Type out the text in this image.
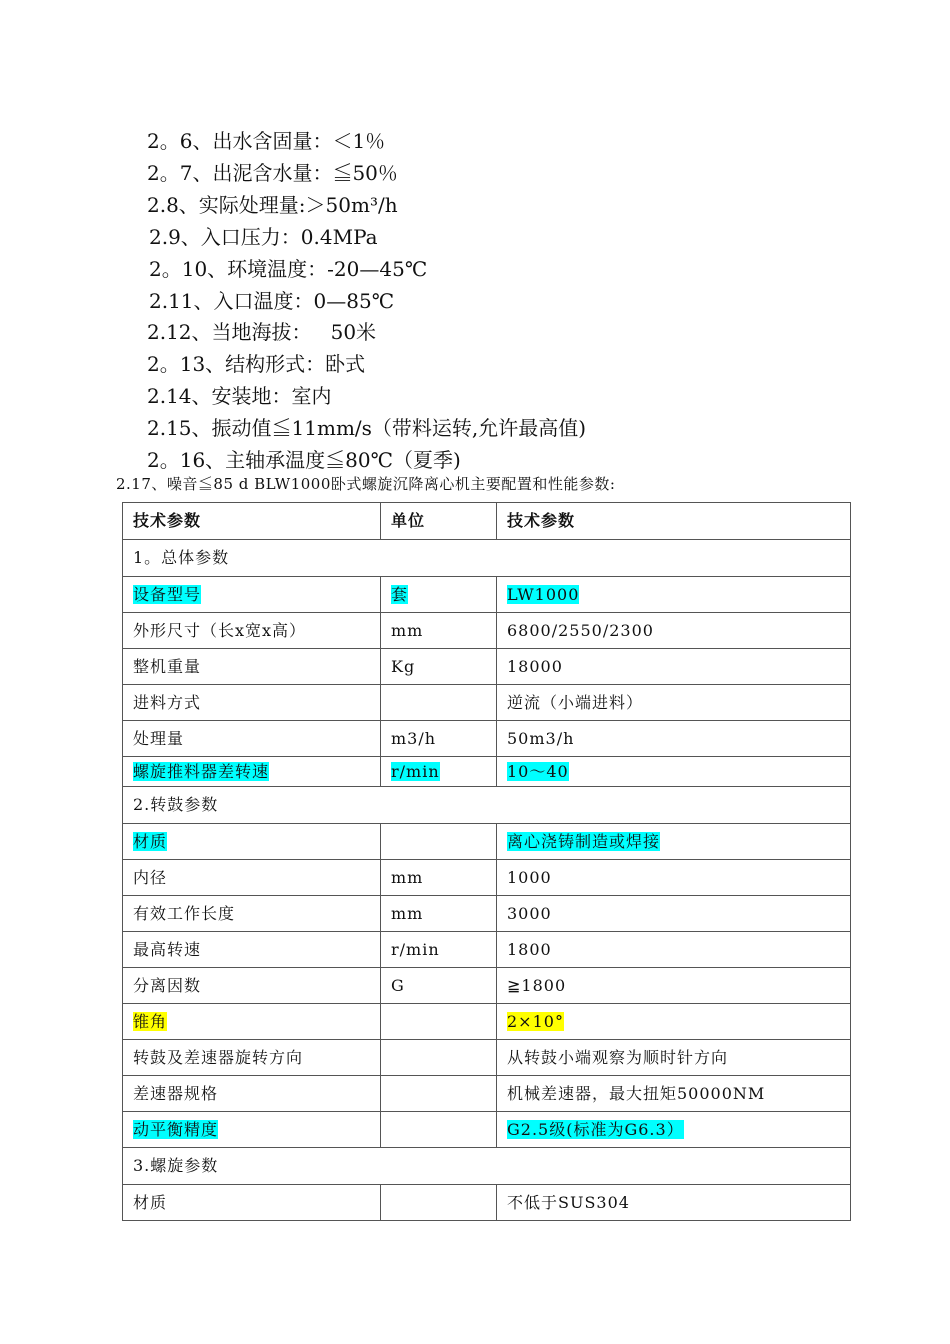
2。6、出水含固量：＜1％
2。7、出泥含水量：≦50％
2.8、实际处理量:＞50m³/h
2.9、入口压力：0.4MPa
2。10、环境温度：-20—45℃
2.11、入口温度：0—85℃
2.12、当地海拔：   50米
2。13、结构形式：卧式
2.14、安装地：室内
2.15、振动值≦11mm/s（带料运转,允许最高值)
2。16、主轴承温度≦80℃（夏季)
2.17、噪音≦85 d BLW1000卧式螺旋沉降离心机主要配置和性能参数:
技术参数	单位	技术参数
1。总体参数		
设备型号	套	LW1000
外形尺寸（长x宽x高）	mm	6800/2550/2300
整机重量	Kg	18000
进料方式		逆流（小端进料）
处理量	m3/h	50m3/h
螺旋推料器差转速	r/min	10～40
2.转鼓参数		
材质		离心浇铸制造或焊接
内径	mm	1000
有效工作长度	mm	3000
最高转速	r/min	1800
分离因数	G	≧1800
锥角		2×10°
转鼓及差速器旋转方向		从转鼓小端观察为顺时针方向
差速器规格		机械差速器，最大扭矩50000NM
动平衡精度		G2.5级(标准为G6.3）
3.螺旋参数		
材质		不低于SUS304
